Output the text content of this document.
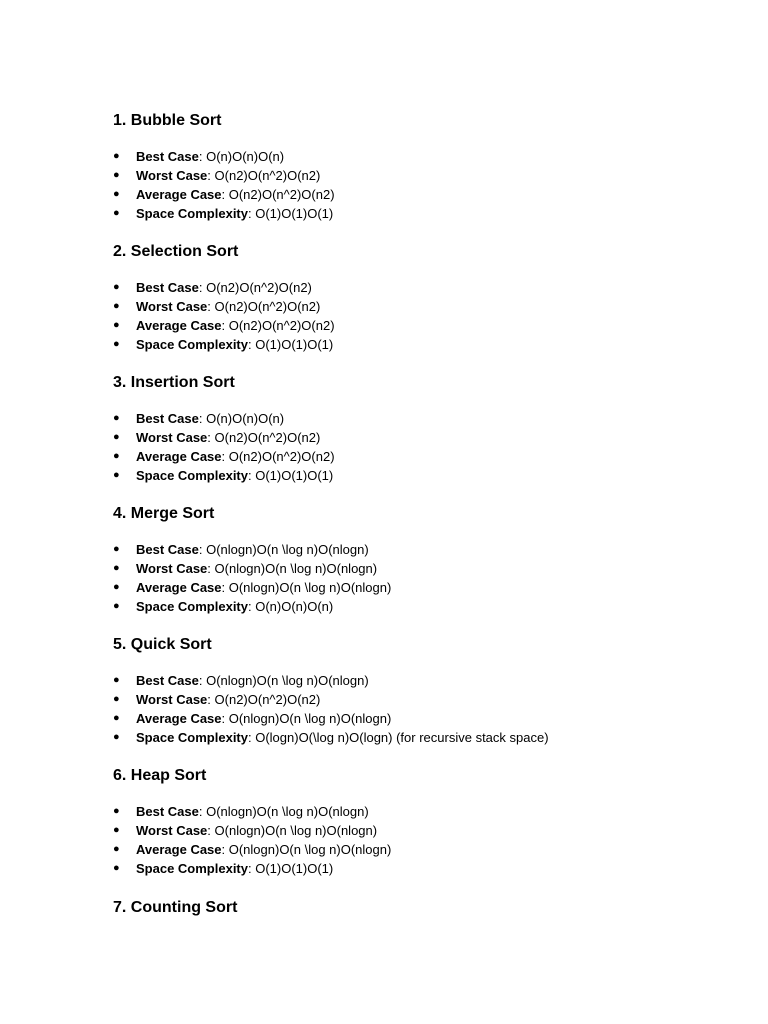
1. Bubble Sort
● Best Case: O(n)O(n)O(n)
● Worst Case: O(n2)O(n^2)O(n2)
● Average Case: O(n2)O(n^2)O(n2)
● Space Complexity: O(1)O(1)O(1)
2. Selection Sort
● Best Case: O(n2)O(n^2)O(n2)
● Worst Case: O(n2)O(n^2)O(n2)
● Average Case: O(n2)O(n^2)O(n2)
● Space Complexity: O(1)O(1)O(1)
3. Insertion Sort
● Best Case: O(n)O(n)O(n)
● Worst Case: O(n2)O(n^2)O(n2)
● Average Case: O(n2)O(n^2)O(n2)
● Space Complexity: O(1)O(1)O(1)
4. Merge Sort
● Best Case: O(nlogn)O(n \log n)O(nlogn)
● Worst Case: O(nlogn)O(n \log n)O(nlogn)
● Average Case: O(nlogn)O(n \log n)O(nlogn)
● Space Complexity: O(n)O(n)O(n)
5. Quick Sort
● Best Case: O(nlogn)O(n \log n)O(nlogn)
● Worst Case: O(n2)O(n^2)O(n2)
● Average Case: O(nlogn)O(n \log n)O(nlogn)
● Space Complexity: O(logn)O(\log n)O(logn) (for recursive stack space)
6. Heap Sort
● Best Case: O(nlogn)O(n \log n)O(nlogn)
● Worst Case: O(nlogn)O(n \log n)O(nlogn)
● Average Case: O(nlogn)O(n \log n)O(nlogn)
● Space Complexity: O(1)O(1)O(1)
7. Counting Sort
